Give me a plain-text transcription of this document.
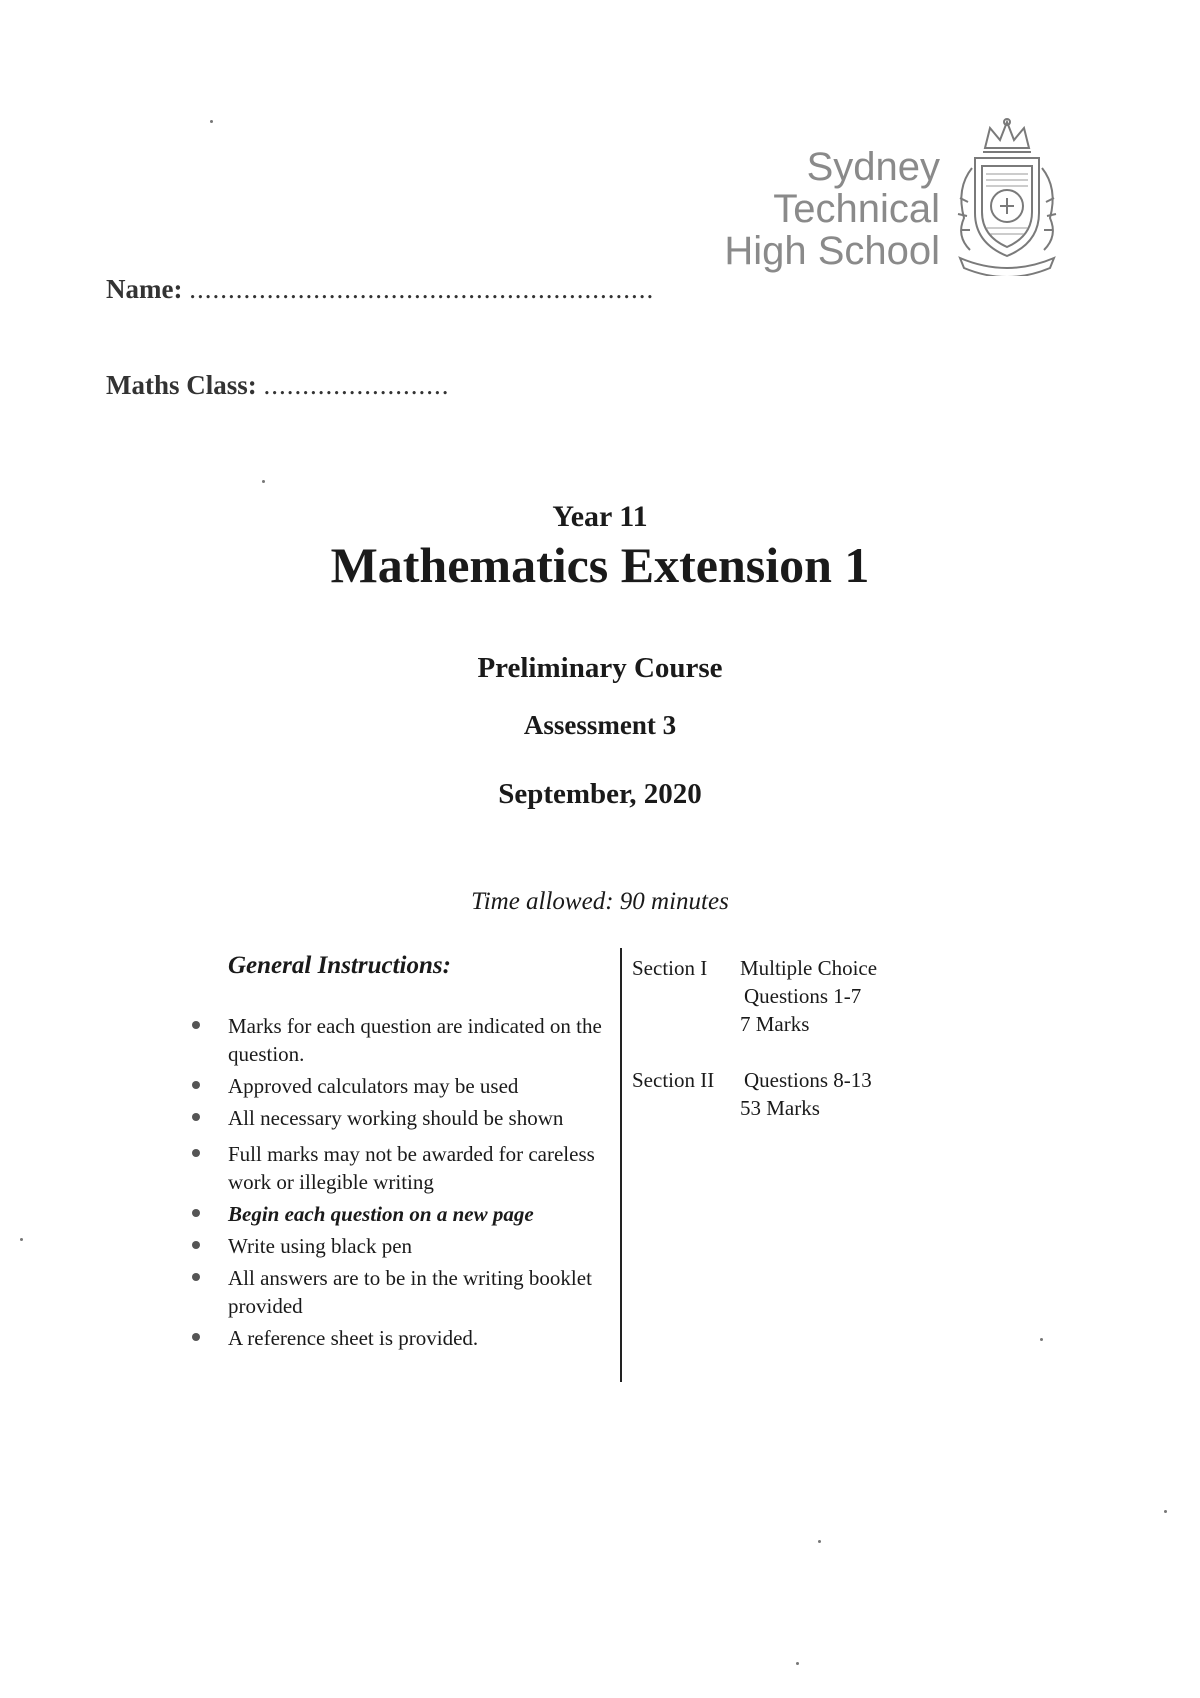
Sydney
Technical
High School
Name: ............................................................
Maths Class: ........................
Year 11
Mathematics Extension 1
Preliminary Course
Assessment 3
September, 2020
Time allowed: 90 minutes
General Instructions:
Marks for each question are indicated on the question.
Approved calculators may be used
All necessary working should be shown
Full marks may not be awarded for careless work or illegible writing
Begin each question on a new page
Write using black pen
All answers are to be in the writing booklet provided
A reference sheet is provided.
Section I Multiple Choice
Questions 1-7
7 Marks
Section II Questions 8-13
53 Marks
